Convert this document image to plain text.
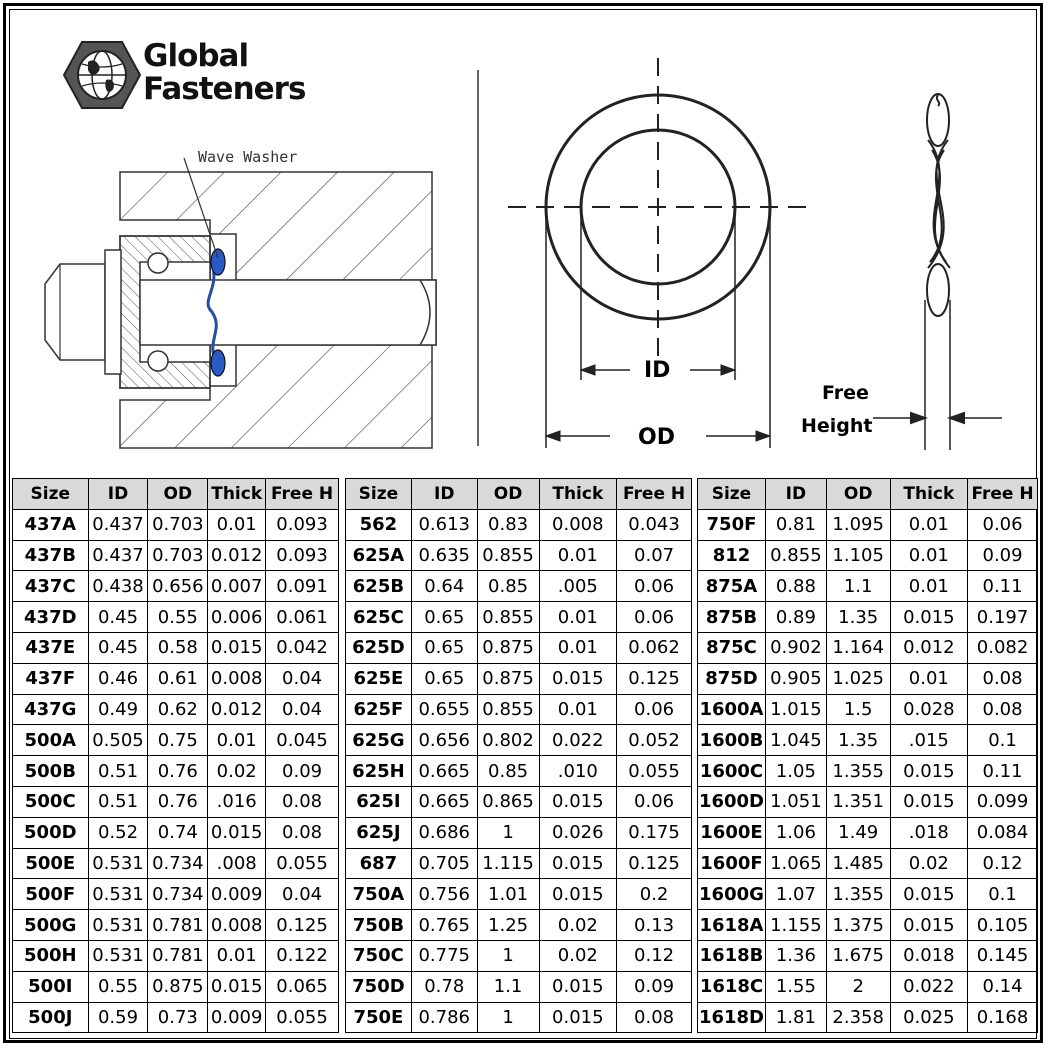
Global
Fasteners
Wave Washer
ID
OD
Free
Height
Size	ID	OD	Thick	Free H
437A	0.437	0.703	0.01	0.093
437B	0.437	0.703	0.012	0.093
437C	0.438	0.656	0.007	0.091
437D	0.45	0.55	0.006	0.061
437E	0.45	0.58	0.015	0.042
437F	0.46	0.61	0.008	0.04
437G	0.49	0.62	0.012	0.04
500A	0.505	0.75	0.01	0.045
500B	0.51	0.76	0.02	0.09
500C	0.51	0.76	.016	0.08
500D	0.52	0.74	0.015	0.08
500E	0.531	0.734	.008	0.055
500F	0.531	0.734	0.009	0.04
500G	0.531	0.781	0.008	0.125
500H	0.531	0.781	0.01	0.122
500I	0.55	0.875	0.015	0.065
500J	0.59	0.73	0.009	0.055
Size	ID	OD	Thick	Free H
562	0.613	0.83	0.008	0.043
625A	0.635	0.855	0.01	0.07
625B	0.64	0.85	.005	0.06
625C	0.65	0.855	0.01	0.06
625D	0.65	0.875	0.01	0.062
625E	0.65	0.875	0.015	0.125
625F	0.655	0.855	0.01	0.06
625G	0.656	0.802	0.022	0.052
625H	0.665	0.85	.010	0.055
625I	0.665	0.865	0.015	0.06
625J	0.686	1	0.026	0.175
687	0.705	1.115	0.015	0.125
750A	0.756	1.01	0.015	0.2
750B	0.765	1.25	0.02	0.13
750C	0.775	1	0.02	0.12
750D	0.78	1.1	0.015	0.09
750E	0.786	1	0.015	0.08
Size	ID	OD	Thick	Free H
750F	0.81	1.095	0.01	0.06
812	0.855	1.105	0.01	0.09
875A	0.88	1.1	0.01	0.11
875B	0.89	1.35	0.015	0.197
875C	0.902	1.164	0.012	0.082
875D	0.905	1.025	0.01	0.08
1600A	1.015	1.5	0.028	0.08
1600B	1.045	1.35	.015	0.1
1600C	1.05	1.355	0.015	0.11
1600D	1.051	1.351	0.015	0.099
1600E	1.06	1.49	.018	0.084
1600F	1.065	1.485	0.02	0.12
1600G	1.07	1.355	0.015	0.1
1618A	1.155	1.375	0.015	0.105
1618B	1.36	1.675	0.018	0.145
1618C	1.55	2	0.022	0.14
1618D	1.81	2.358	0.025	0.168
